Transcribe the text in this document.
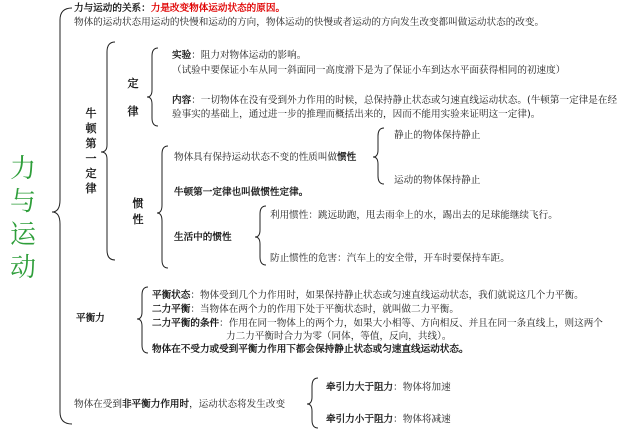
力与运动
力与运动的关系：力是改变物体运动状态的原因。
物体的运动状态用运动的快慢和运动的方向，物体运动的快慢或者运动的方向发生改变都叫做运动状态的改变。
牛顿第一定律
定律
实验：阻力对物体运动的影响。
（试验中要保证小车从同一斜面同一高度滑下是为了保证小车到达水平面获得相同的初速度）
内容：一切物体在没有受到外力作用的时候，总保持静止状态或匀速直线运动状态。(牛顿第一定律是在经
验事实的基础上，通过进一步的推理而概括出来的，因而不能用实验来证明这一定律)。
惯性
物体具有保持运动状态不变的性质叫做惯性
静止的物体保持静止
运动的物体保持静止
牛顿第一定律也叫做惯性定律。
生活中的惯性
利用惯性：跳远助跑，甩去雨伞上的水，踢出去的足球能继续飞行。
防止惯性的危害：汽车上的安全带，开车时要保持车距。
平衡力
平衡状态：物体受到几个力作用时，如果保持静止状态或匀速直线运动状态，我们就说这几个力平衡。
二力平衡：当物体在两个力的作用下处于平衡状态时，就叫做二力平衡。
二力平衡的条件：作用在同一物体上的两个力，如果大小相等、方向相反、并且在同一条直线上，则这两个
力二力平衡时合力为零（同体，等值，反向，共线）。
物体在不受力或受到平衡力作用下都会保持静止状态或匀速直线运动状态。
物体在受到非平衡力作用时，运动状态将发生改变
牵引力大于阻力：物体将加速
牵引力小于阻力：物体将减速
